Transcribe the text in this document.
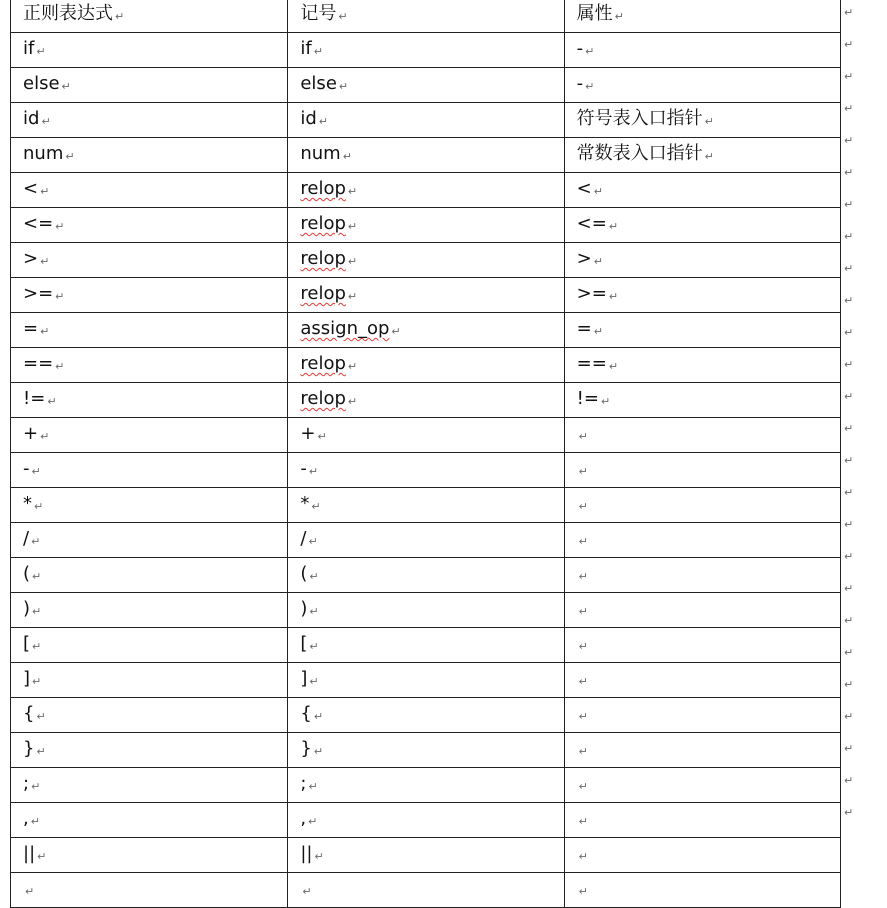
正则表达式 ↵	记号 ↵	属性 ↵
if ↵	if ↵	- ↵
else ↵	else ↵	- ↵
id ↵	id ↵	符号表入口指针 ↵
num ↵	num ↵	常数表入口指针 ↵
< ↵	relop ↵	< ↵
<= ↵	relop ↵	<= ↵
> ↵	relop ↵	> ↵
>= ↵	relop ↵	>= ↵
= ↵	assign_op ↵	= ↵
== ↵	relop ↵	== ↵
!= ↵	relop ↵	!= ↵
+ ↵	+ ↵	↵
- ↵	- ↵	↵
* ↵	* ↵	↵
/ ↵	/ ↵	↵
( ↵	( ↵	↵
) ↵	) ↵	↵
[ ↵	[ ↵	↵
] ↵	] ↵	↵
{ ↵	{ ↵	↵
} ↵	} ↵	↵
; ↵	; ↵	↵
, ↵	, ↵	↵
|| ↵	|| ↵	↵
↵	↵	↵
↵
↵
↵
↵
↵
↵
↵
↵
↵
↵
↵
↵
↵
↵
↵
↵
↵
↵
↵
↵
↵
↵
↵
↵
↵
↵
